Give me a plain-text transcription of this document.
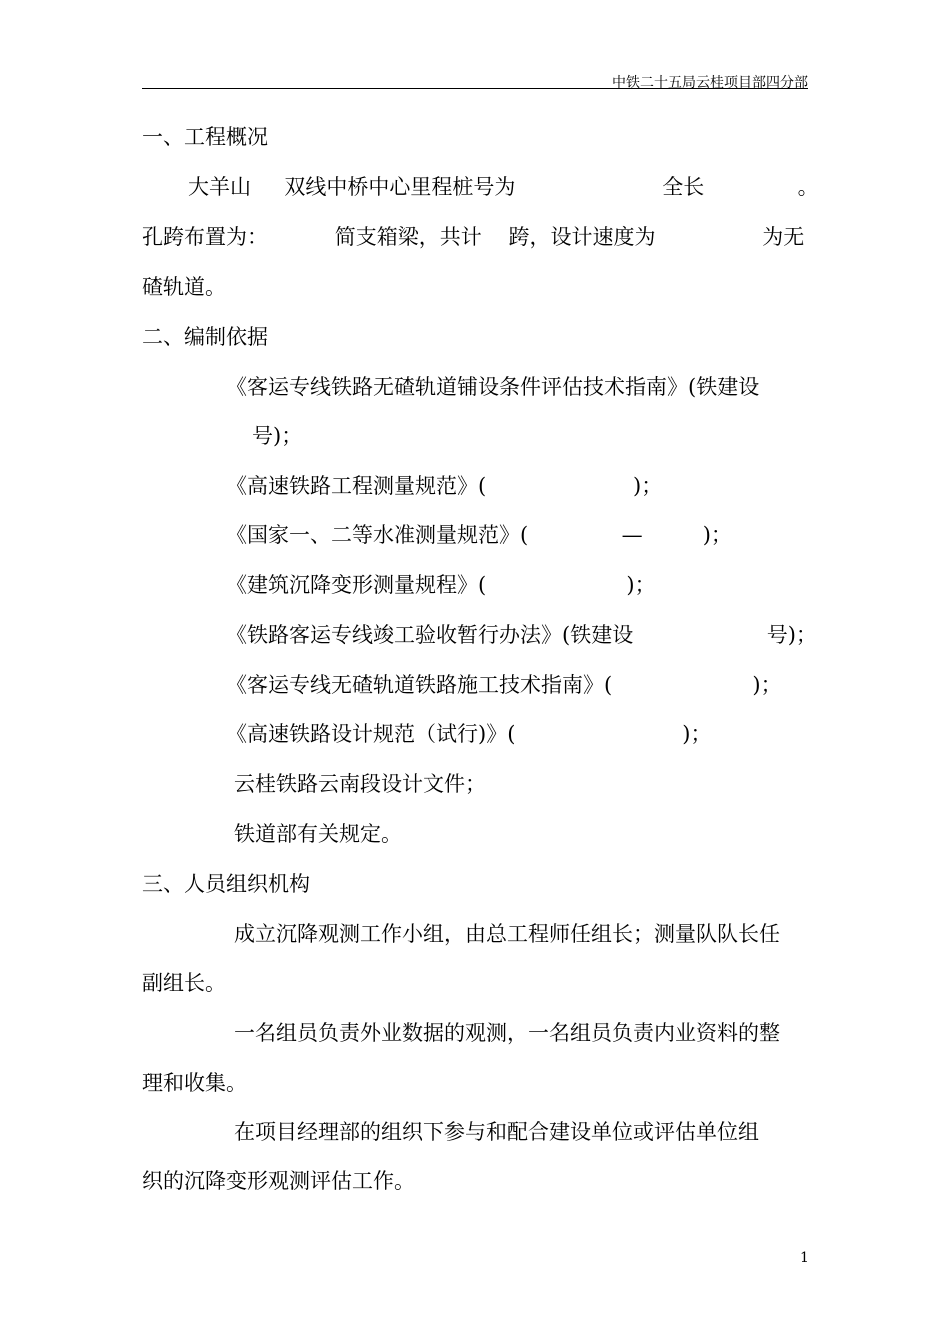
中铁二十五局云桂项目部四分部
一、工程概况
大羊山     双线中桥中心里程桩号为                      全长              。
孔跨布置为：          简支箱梁，共计    跨，设计速度为                为无
碴轨道。
二、编制依据
《客运专线铁路无碴轨道铺设条件评估技术指南》(铁建设
号)；
《高速铁路工程测量规范》(                      )；
《国家一、二等水准测量规范》(              —         )；
《建筑沉降变形测量规程》(                     )；
《铁路客运专线竣工验收暂行办法》(铁建设                    号)；
《客运专线无碴轨道铁路施工技术指南》(                     )；
《高速铁路设计规范（试行)》(                         )；
云桂铁路云南段设计文件；
铁道部有关规定。
三、人员组织机构
成立沉降观测工作小组，由总工程师任组长；测量队队长任
副组长。
一名组员负责外业数据的观测，一名组员负责内业资料的整
理和收集。
在项目经理部的组织下参与和配合建设单位或评估单位组
织的沉降变形观测评估工作。
1
